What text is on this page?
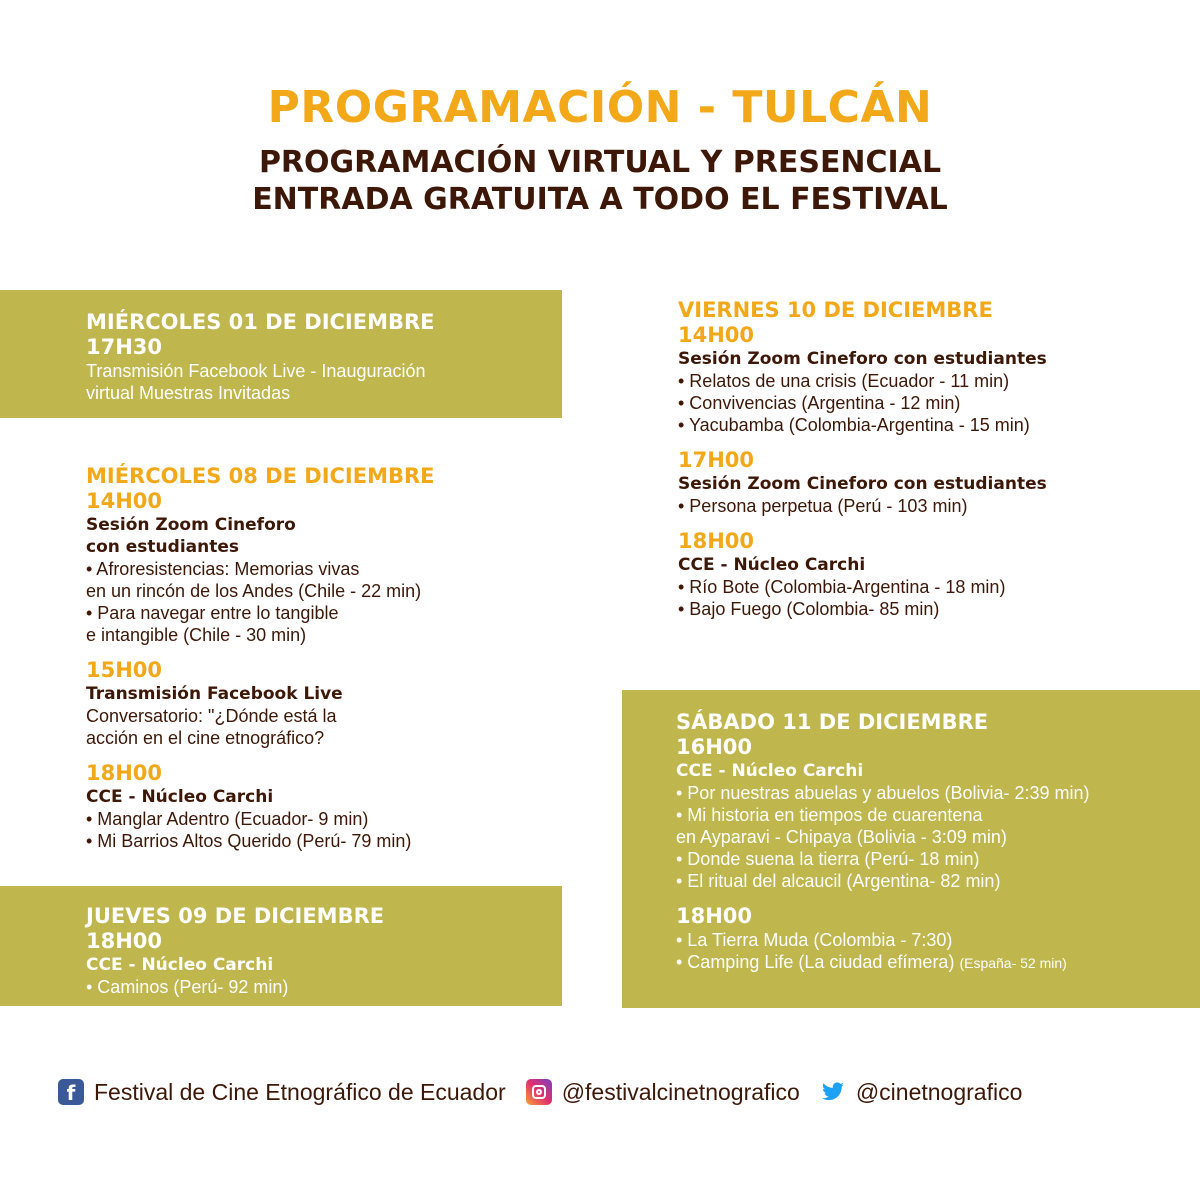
PROGRAMACIÓN - TULCÁN
PROGRAMACIÓN VIRTUAL Y PRESENCIAL
ENTRADA GRATUITA A TODO EL FESTIVAL
MIÉRCOLES 01 DE DICIEMBRE
17H30
Transmisión Facebook Live - Inauguración
virtual Muestras Invitadas
MIÉRCOLES 08 DE DICIEMBRE
14H00
Sesión Zoom Cineforo
con estudiantes
• Afroresistencias: Memorias vivas
en un rincón de los Andes (Chile - 22 min)
• Para navegar entre lo tangible
e intangible (Chile - 30 min)
15H00
Transmisión Facebook Live
Conversatorio: "¿Dónde está la
acción en el cine etnográfico?
18H00
CCE - Núcleo Carchi
• Manglar Adentro (Ecuador- 9 min)
• Mi Barrios Altos Querido (Perú- 79 min)
JUEVES 09 DE DICIEMBRE
18H00
CCE - Núcleo Carchi
• Caminos (Perú- 92 min)
VIERNES 10 DE DICIEMBRE
14H00
Sesión Zoom Cineforo con estudiantes
• Relatos de una crisis (Ecuador - 11 min)
• Convivencias (Argentina - 12 min)
• Yacubamba (Colombia-Argentina - 15 min)
17H00
Sesión Zoom Cineforo con estudiantes
• Persona perpetua (Perú - 103 min)
18H00
CCE - Núcleo Carchi
• Río Bote (Colombia-Argentina - 18 min)
• Bajo Fuego (Colombia- 85 min)
SÁBADO 11 DE DICIEMBRE
16H00
CCE - Núcleo Carchi
• Por nuestras abuelas y abuelos (Bolivia- 2:39 min)
• Mi historia en tiempos de cuarentena
en Ayparavi - Chipaya (Bolivia - 3:09 min)
• Donde suena la tierra (Perú- 18 min)
• El ritual del alcaucil (Argentina- 82 min)
18H00
• La Tierra Muda (Colombia - 7:30)
• Camping Life (La ciudad efímera) (España- 52 min)
f Festival de Cine Etnográfico de Ecuador @festivalcinetnografico @cinetnografico
